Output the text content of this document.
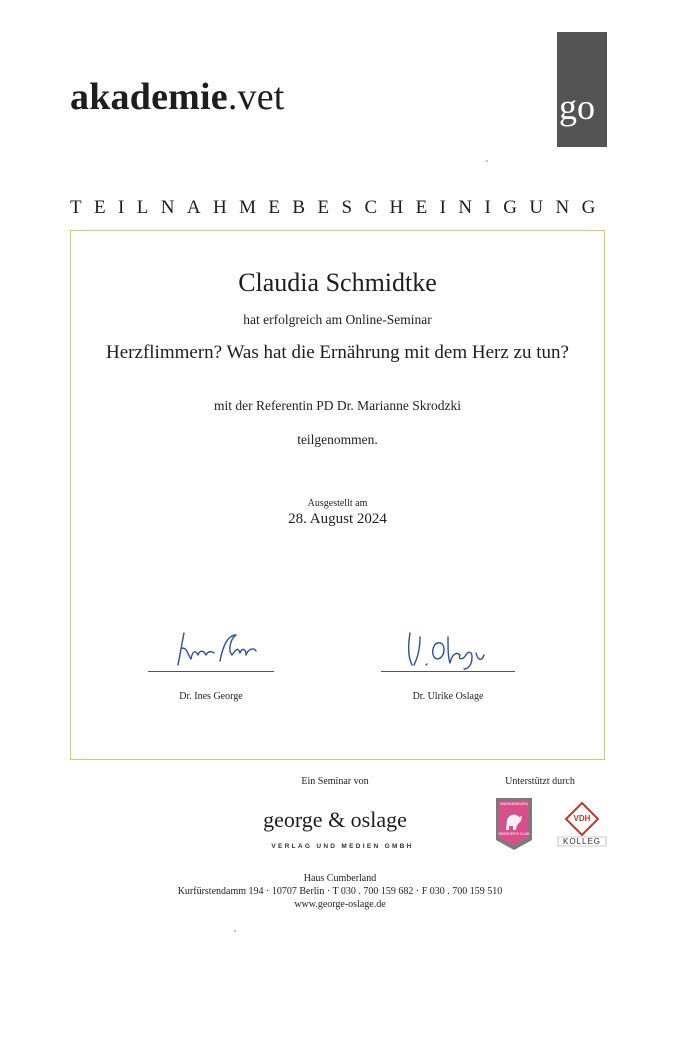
akademie.vet	go
TEILNAHMEBESCHEINIGUNG
Claudia Schmidtke
hat erfolgreich am Online-Seminar
Herzflimmern? Was hat die Ernährung mit dem Herz zu tun?
mit der Referentin PD Dr. Marianne Skrodzki
teilgenommen.
Ausgestellt am
28. August 2024
Dr. Ines George	Dr. Ulrike Oslage
Ein Seminar von
george & oslage
VERLAG UND MEDIEN GMBH
Unterstützt durch
SAEMANKURA
BREEDER'S CLUB
VDH
KOLLEG
Haus Cumberland
Kurfürstendamm 194 · 10707 Berlin · T 030 . 700 159 682 · F 030 . 700 159 510
www.george-oslage.de
